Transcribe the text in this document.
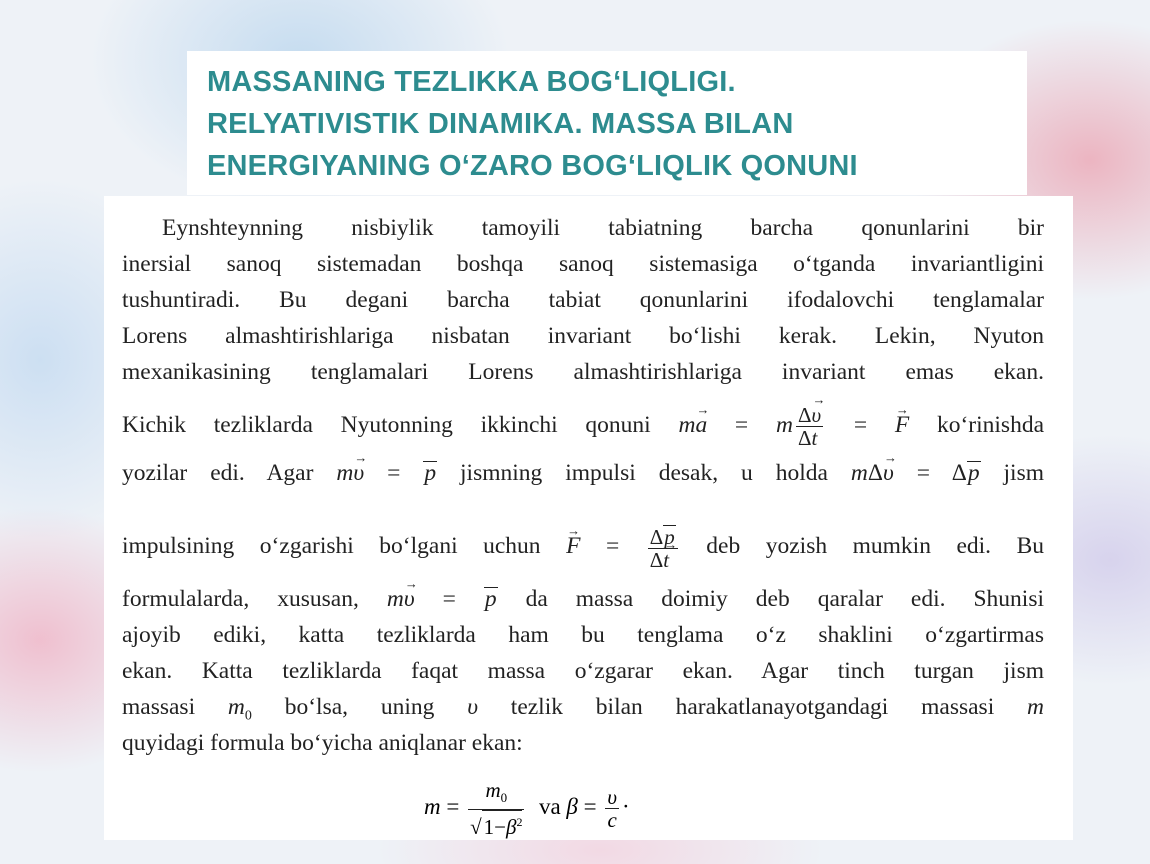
MASSANING TEZLIKKA BOG‘LIQLIGI.
RELYATIVISTIK DINAMIKA. MASSA BILAN
ENERGIYANING O‘ZARO BOG‘LIQLIK QONUNI
Eynshteynning nisbiylik tamoyili tabiatning barcha qonunlarini bir
inersial sanoq sistemadan boshqa sanoq sistemasiga o‘tganda invariantligini
tushuntiradi. Bu degani barcha tabiat qonunlarini ifodalovchi tenglamalar
Lorens almashtirishlariga nisbatan invariant bo‘lishi kerak. Lekin, Nyuton
mexanikasining tenglamalari Lorens almashtirishlariga invariant emas ekan.
Kichik tezliklarda Nyutonning ikkinchi qonuni m→ a = m $\frac{\Delta\to \upsilon}{\Delta t}$ = → F ko‘rinishda
yozilar edi. Agar m→ υ = p jismning impulsi desak, u holda mΔ→ υ = Δp jism
impulsining o‘zgarishi bo‘lgani uchun → $F = \frac{\Delta p}{\Delta\to t}$ deb yozish mumkin edi. Bu
formulalarda, xususan, m→ υ = p da massa doimiy deb qaralar edi. Shunisi
ajoyib ediki, katta tezliklarda ham bu tenglama o‘z shaklini o‘zgartirmas
ekan. Katta tezliklarda faqat massa o‘zgarar ekan. Agar tinch turgan jism
massasi $m_0$ bo‘lsa, uning υ tezlik bilan harakatlanayotgandagi massasi m
quyidagi formula bo‘yicha aniqlanar ekan:
$m = \frac{m_0}{√1-\beta^2}$ va $\beta = \frac{\upsilon}{c}$ ·
